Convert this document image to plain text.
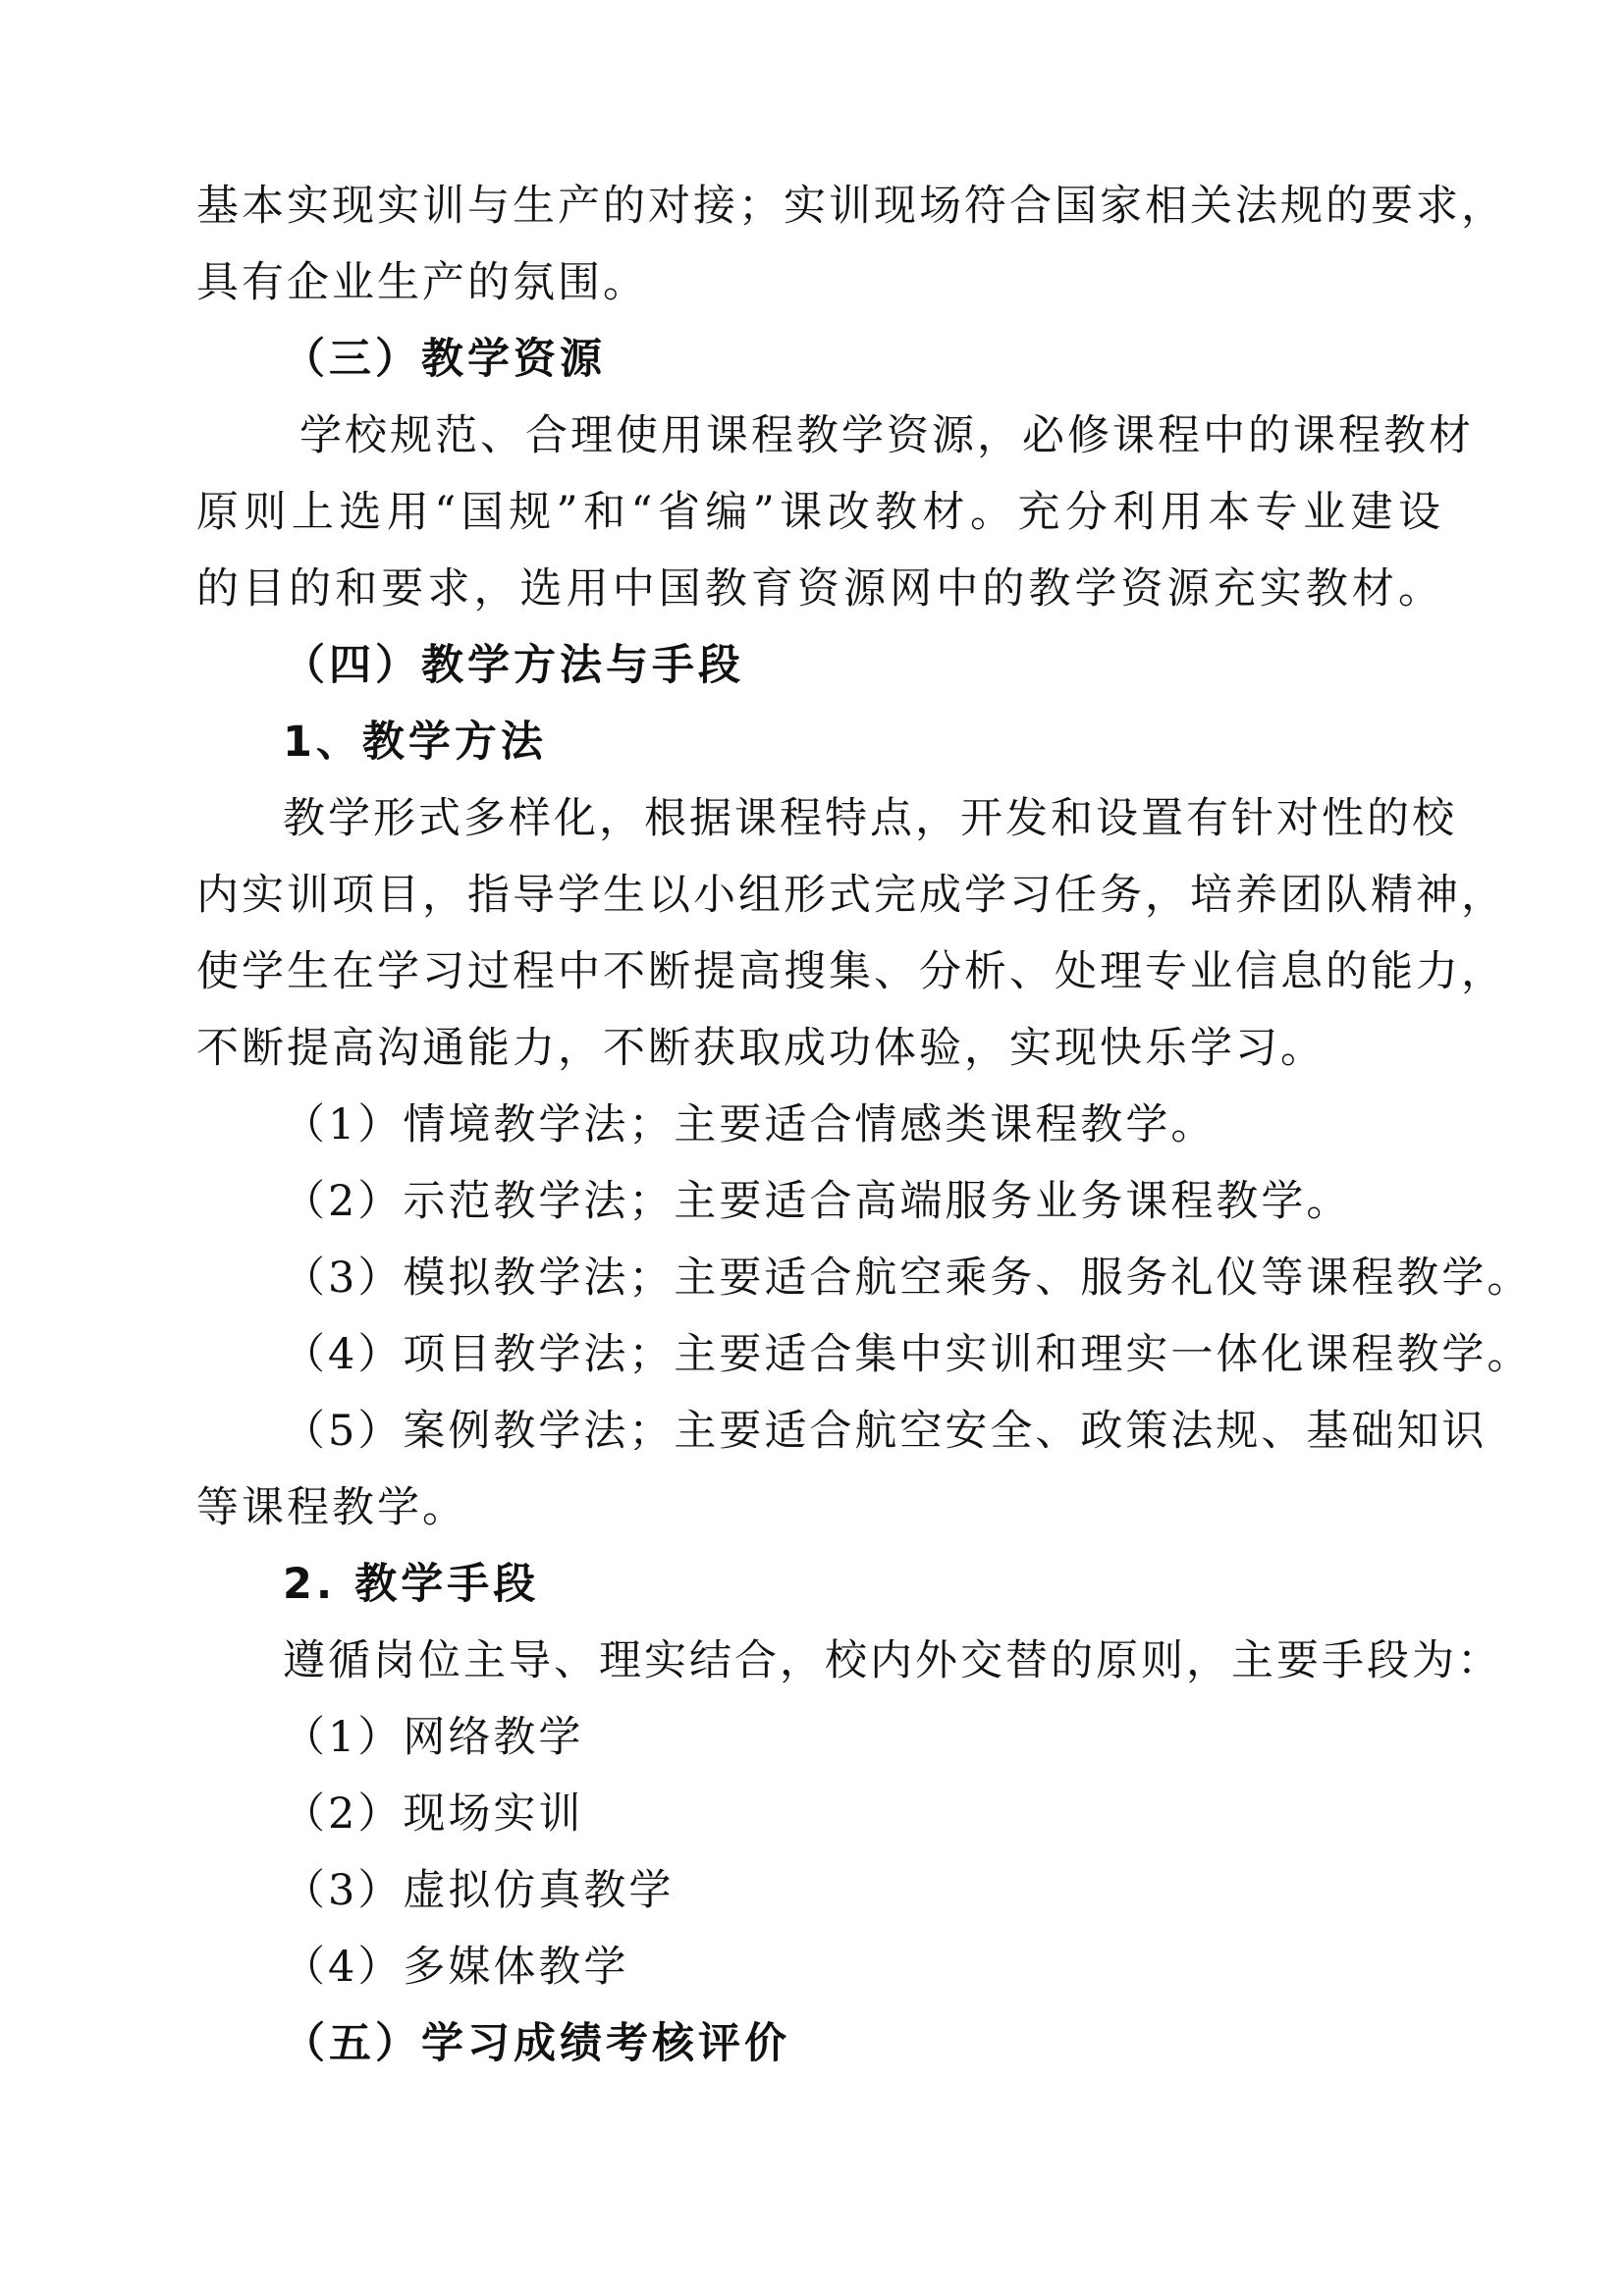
基本实现实训与生产的对接；实训现场符合国家相关法规的要求，
具有企业生产的氛围。
（三）教学资源
学校规范、合理使用课程教学资源，必修课程中的课程教材
原则上选用“国规”和“省编”课改教材。充分利用本专业建设
的目的和要求，选用中国教育资源网中的教学资源充实教材。
（四）教学方法与手段
1、教学方法
教学形式多样化，根据课程特点，开发和设置有针对性的校
内实训项目，指导学生以小组形式完成学习任务，培养团队精神，
使学生在学习过程中不断提高搜集、分析、处理专业信息的能力，
不断提高沟通能力，不断获取成功体验，实现快乐学习。
（1）情境教学法；主要适合情感类课程教学。
（2）示范教学法；主要适合高端服务业务课程教学。
（3）模拟教学法；主要适合航空乘务、服务礼仪等课程教学。
（4）项目教学法；主要适合集中实训和理实一体化课程教学。
（5）案例教学法；主要适合航空安全、政策法规、基础知识
等课程教学。
2. 教学手段
遵循岗位主导、理实结合，校内外交替的原则，主要手段为：
（1）网络教学
（2）现场实训
（3）虚拟仿真教学
（4）多媒体教学
（五）学习成绩考核评价
